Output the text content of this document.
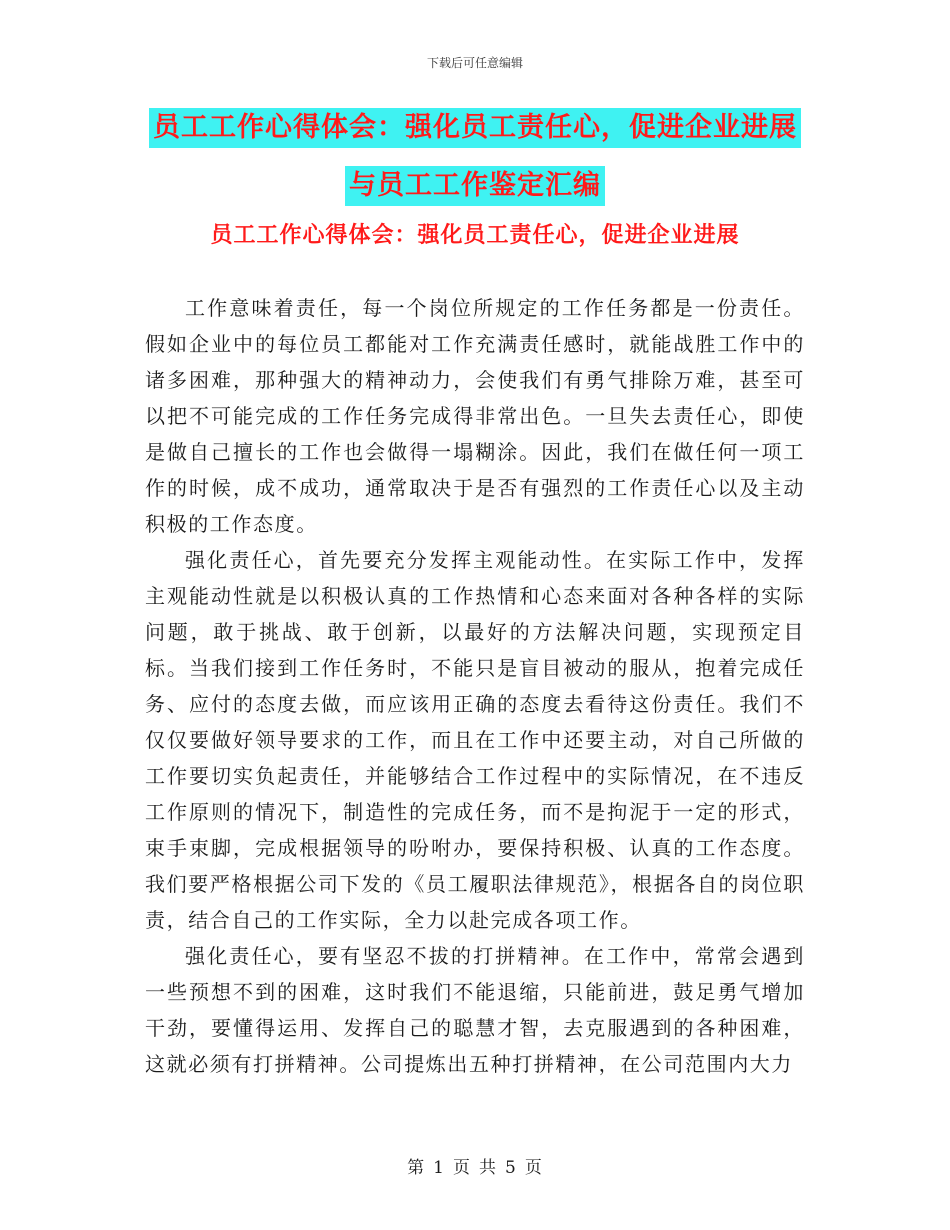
下载后可任意编辑
员工工作心得体会：强化员工责任心，促进企业进展
与员工工作鉴定汇编
员工工作心得体会：强化员工责任心，促进企业进展

工作意味着责任，每一个岗位所规定的工作任务都是一份责任。假如企业中的每位员工都能对工作充满责任感时，就能战胜工作中的诸多困难，那种强大的精神动力，会使我们有勇气排除万难，甚至可以把不可能完成的工作任务完成得非常出色。一旦失去责任心，即使是做自己擅长的工作也会做得一塌糊涂。因此，我们在做任何一项工作的时候，成不成功，通常取决于是否有强烈的工作责任心以及主动积极的工作态度。

强化责任心，首先要充分发挥主观能动性。在实际工作中，发挥主观能动性就是以积极认真的工作热情和心态来面对各种各样的实际问题，敢于挑战、敢于创新，以最好的方法解决问题，实现预定目标。当我们接到工作任务时，不能只是盲目被动的服从，抱着完成任务、应付的态度去做，而应该用正确的态度去看待这份责任。我们不仅仅要做好领导要求的工作，而且在工作中还要主动，对自己所做的工作要切实负起责任，并能够结合工作过程中的实际情况，在不违反工作原则的情况下，制造性的完成任务，而不是拘泥于一定的形式，束手束脚，完成根据领导的吩咐办，要保持积极、认真的工作态度。我们要严格根据公司下发的《员工履职法律规范》，根据各自的岗位职责，结合自己的工作实际，全力以赴完成各项工作。

强化责任心，要有坚忍不拔的打拼精神。在工作中，常常会遇到一些预想不到的困难，这时我们不能退缩，只能前进，鼓足勇气增加干劲，要懂得运用、发挥自己的聪慧才智，去克服遇到的各种困难，这就必须有打拼精神。公司提炼出五种打拼精神，在公司范围内大力

第 1 页 共 5 页
